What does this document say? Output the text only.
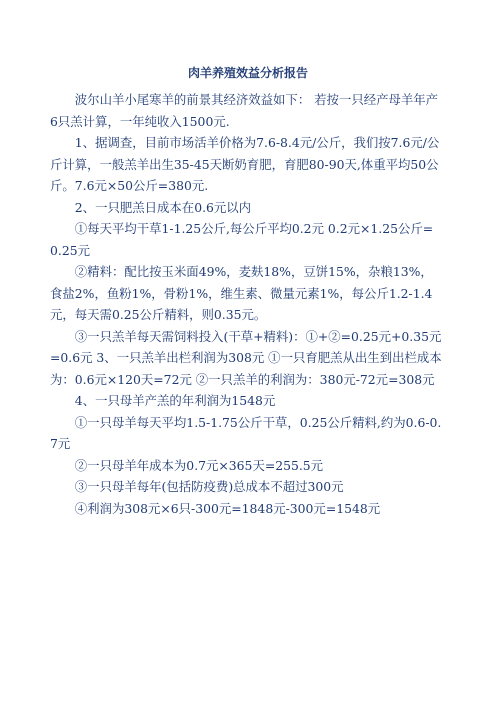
肉羊养殖效益分析报告

波尔山羊小尾寒羊的前景其经济效益如下： 若按一只经产母羊年产6只羔计算，一年纯收入1500元.

1、据调查，目前市场活羊价格为7.6-8.4元/公斤，我们按7.6元/公斤计算，一般羔羊出生35-45天断奶育肥，育肥80-90天,体重平均50公斤。7.6元×50公斤=380元.

2、一只肥羔日成本在0.6元以内

①每天平均干草1-1.25公斤,每公斤平均0.2元 0.2元×1.25公斤=0.25元

②精料：配比按玉米面49%，麦麸18%，豆饼15%，杂粮13%，食盐2%，鱼粉1%，骨粉1%，维生素、微量元素1%，每公斤1.2-1.4元，每天需0.25公斤精料，则0.35元。

③一只羔羊每天需饲料投入(干草+精料)：①+②=0.25元+0.35元=0.6元 3、一只羔羊出栏利润为308元 ①一只育肥羔从出生到出栏成本为：0.6元×120天=72元 ②一只羔羊的利润为：380元-72元=308元

4、一只母羊产羔的年利润为1548元

①一只母羊每天平均1.5-1.75公斤干草，0.25公斤精料,约为0.6-0.7元

②一只母羊年成本为0.7元×365天=255.5元

③一只母羊每年(包括防疫费)总成本不超过300元

④利润为308元×6只-300元=1848元-300元=1548元
